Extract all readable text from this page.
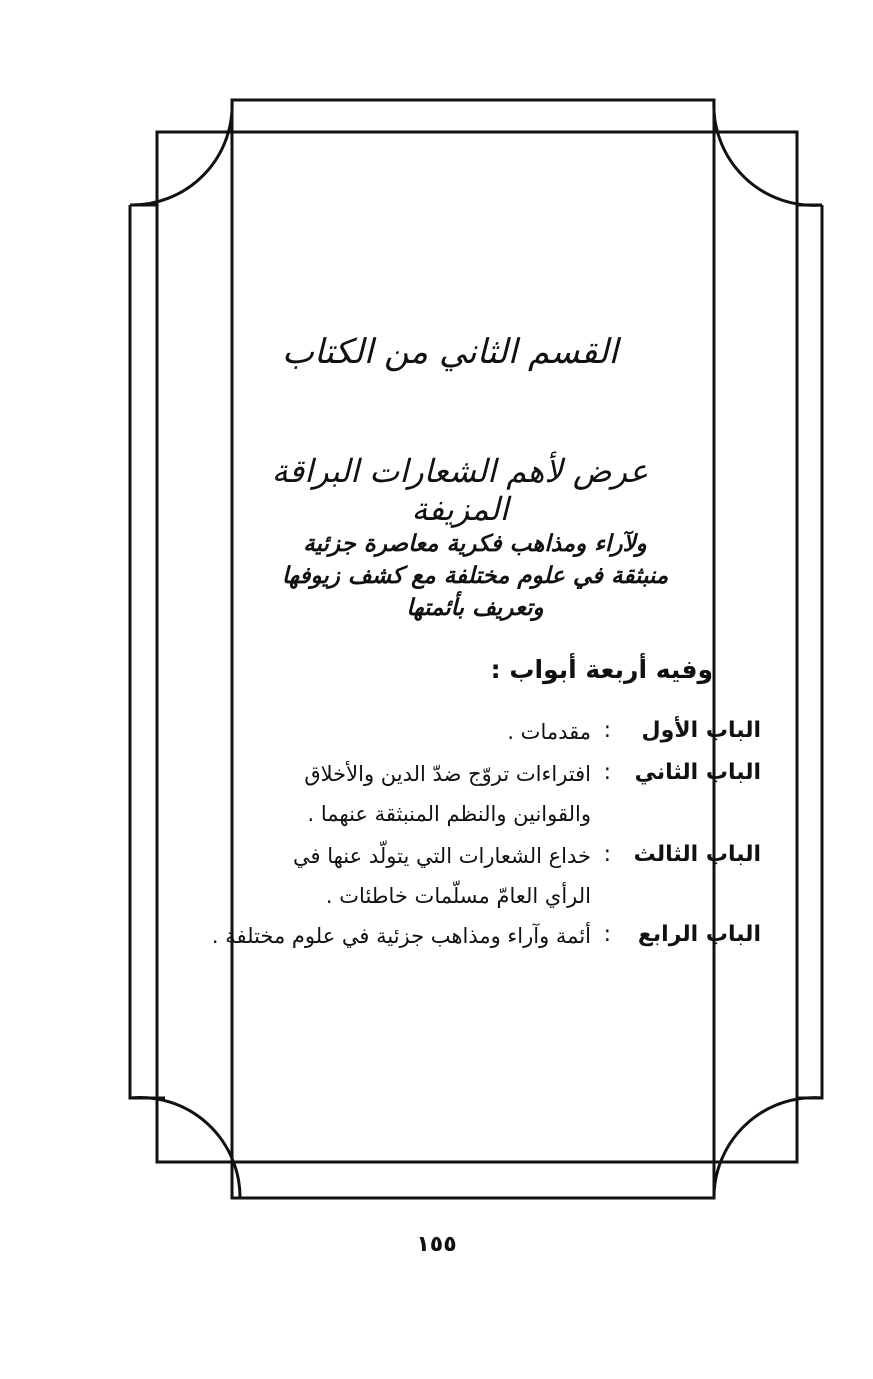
القسم الثاني من الكتاب
عرض لأهم الشعارات البراقة المزيفة
ولآراء ومذاهب فكرية معاصرة جزئية
منبثقة في علوم مختلفة مع كشف زيوفها
وتعريف بأئمتها
وفيه أربعة أبواب :
الباب الأول
:
مقدمات .
الباب الثاني
:
افتراءات تروّج ضدّ الدين والأخلاق
والقوانين والنظم المنبثقة عنهما .
الباب الثالث
:
خداع الشعارات التي يتولّد عنها في
الرأي العامّ مسلّمات خاطئات .
الباب الرابع
:
أئمة وآراء ومذاهب جزئية في علوم مختلفة .
١٥٥
